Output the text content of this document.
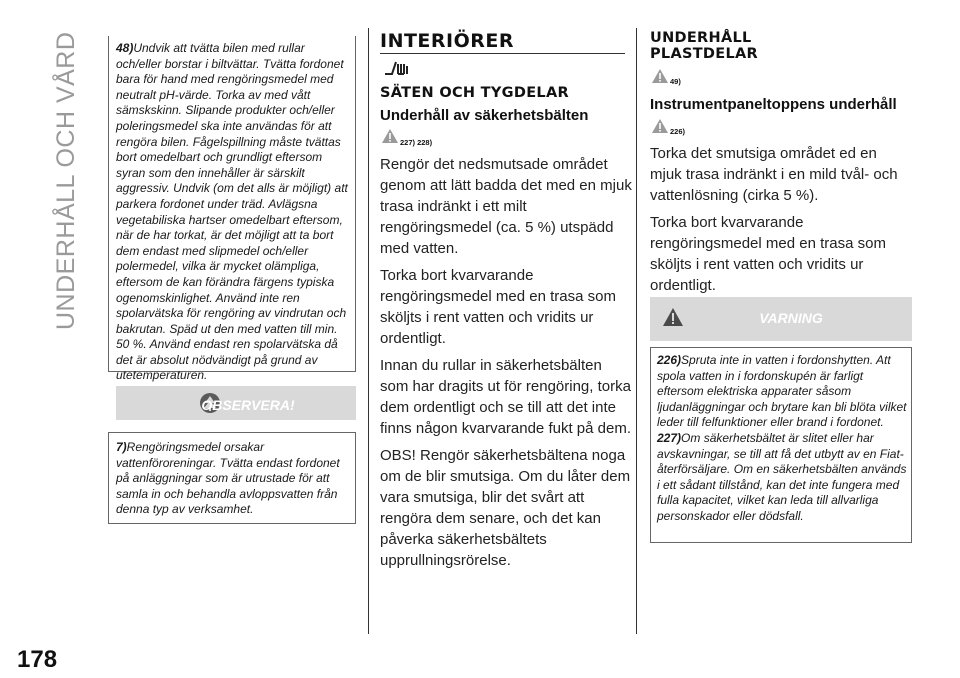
UNDERHÅLL OCH VÅRD
178
48)Undvik att tvätta bilen med rullar och/eller borstar i biltvättar. Tvätta fordonet bara för hand med rengöringsmedel med neutralt pH-värde. Torka av med vått sämskskinn. Slipande produkter och/eller poleringsmedel ska inte användas för att rengöra bilen. Fågelspillning måste tvättas bort omedelbart och grundligt eftersom syran som den innehåller är särskilt aggressiv. Undvik (om det alls är möjligt) att parkera fordonet under träd. Avlägsna vegetabiliska hartser omedelbart eftersom, när de har torkat, är det möjligt att ta bort dem endast med slipmedel och/eller polermedel, vilka är mycket olämpliga, eftersom de kan förändra färgens typiska ogenomskinlighet. Använd inte ren spolarvätska för rengöring av vindrutan och bakrutan. Späd ut den med vatten till min. 50 %. Använd endast ren spolarvätska då det är absolut nödvändigt på grund av utetemperaturen.
OBSERVERA!
7)Rengöringsmedel orsakar vattenföroreningar. Tvätta endast fordonet på anläggningar som är utrustade för att samla in och behandla avloppsvatten från denna typ av verksamhet.
INTERIÖRER
SÄTEN OCH TYGDELAR
Underhåll av säkerhetsbälten
227) 228)

Rengör det nedsmutsade området genom att lätt badda det med en mjuk trasa indränkt i ett milt rengöringsmedel (ca. 5 %) utspädd med vatten.

Torka bort kvarvarande rengöringsmedel med en trasa som sköljts i rent vatten och vridits ur ordentligt.

Innan du rullar in säkerhetsbälten som har dragits ut för rengöring, torka dem ordentligt och se till att det inte finns någon kvarvarande fukt på dem.

OBS! Rengör säkerhetsbältena noga om de blir smutsiga. Om du låter dem vara smutsiga, blir det svårt att rengöra dem senare, och det kan påverka säkerhetsbältets upprullningsrörelse.

UNDERHÅLL
PLASTDELAR
49)
Instrumentpaneltoppens underhåll
226)

Torka det smutsiga området ed en mjuk trasa indränkt i en mild tvål- och vattenlösning (cirka 5 %).

Torka bort kvarvarande rengöringsmedel med en trasa som sköljts i rent vatten och vridits ur ordentligt.

VARNING
226)Spruta inte in vatten i fordonshytten. Att spola vatten in i fordonskupén är farligt eftersom elektriska apparater såsom ljudanläggningar och brytare kan bli blöta vilket leder till felfunktioner eller brand i fordonet.
227)Om säkerhetsbältet är slitet eller har avskavningar, se till att få det utbytt av en Fiat-återförsäljare. Om en säkerhetsbälten används i ett sådant tillstånd, kan det inte fungera med fulla kapacitet, vilket kan leda till allvarliga personskador eller dödsfall.
